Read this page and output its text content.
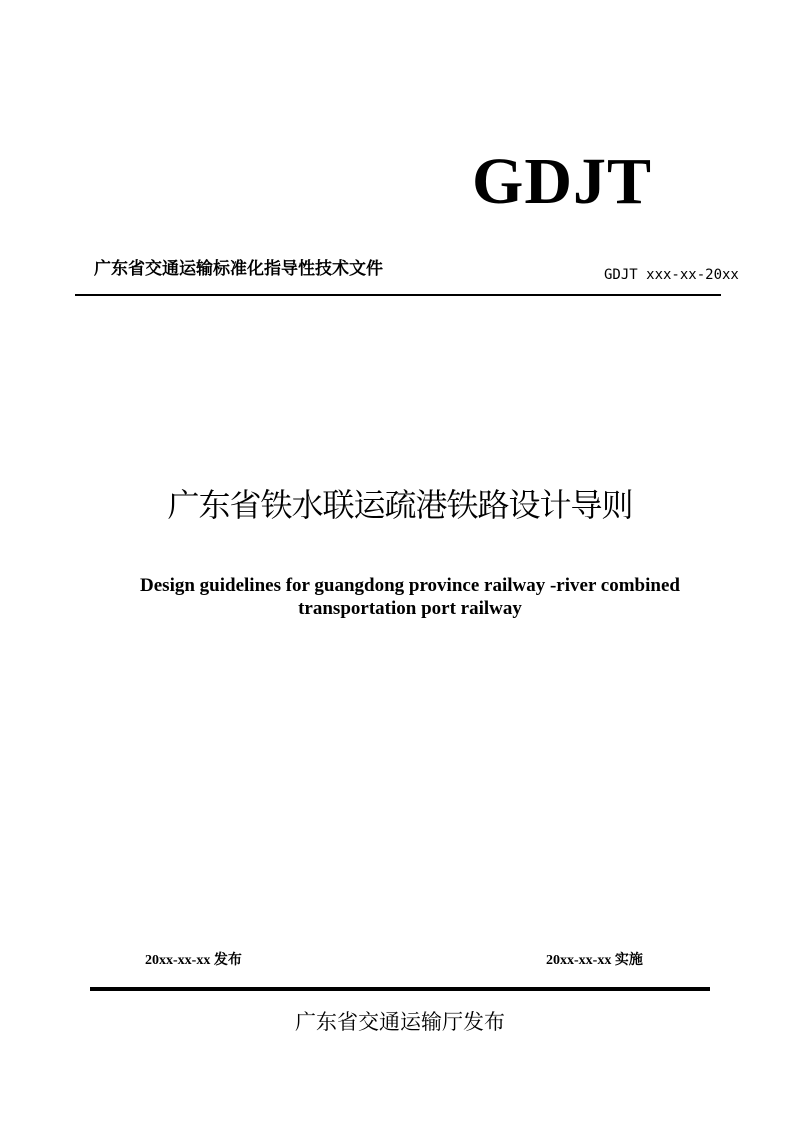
GDJT
广东省交通运输标准化指导性技术文件	GDJT xxx-xx-20xx
广东省铁水联运疏港铁路设计导则
Design guidelines for guangdong province railway -river combined transportation port railway
20xx-xx-xx 发布	20xx-xx-xx 实施
广东省交通运输厅发布
